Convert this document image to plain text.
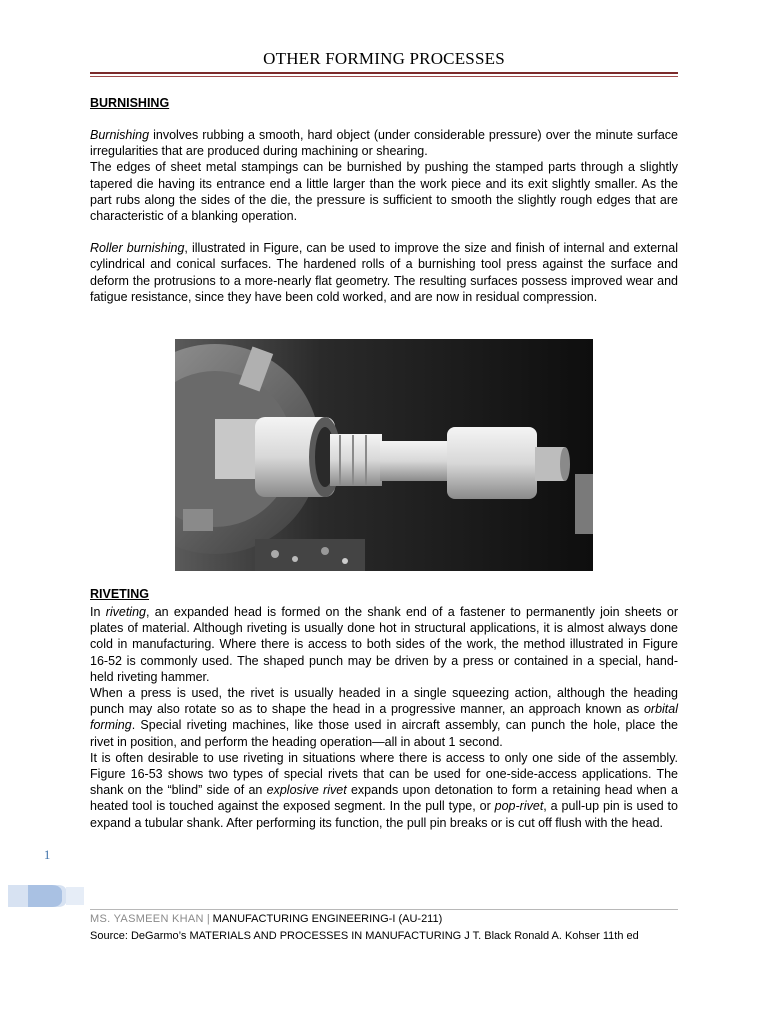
OTHER FORMING PROCESSES
BURNISHING

Burnishing involves rubbing a smooth, hard object (under considerable pressure) over the minute surface irregularities that are produced during machining or shearing.

The edges of sheet metal stampings can be burnished by pushing the stamped parts through a slightly tapered die having its entrance end a little larger than the work piece and its exit slightly smaller. As the part rubs along the sides of the die, the pressure is sufficient to smooth the slightly rough edges that are characteristic of a blanking operation.

Roller burnishing, illustrated in Figure, can be used to improve the size and finish of internal and external cylindrical and conical surfaces. The hardened rolls of a burnishing tool press against the surface and deform the protrusions to a more-nearly flat geometry. The resulting surfaces possess improved wear and fatigue resistance, since they have been cold worked, and are now in residual compression.

RIVETING

In riveting, an expanded head is formed on the shank end of a fastener to permanently join sheets or plates of material. Although riveting is usually done hot in structural applications, it is almost always done cold in manufacturing. Where there is access to both sides of the work, the method illustrated in Figure 16-52 is commonly used. The shaped punch may be driven by a press or contained in a special, hand-held riveting hammer.

When a press is used, the rivet is usually headed in a single squeezing action, although the heading punch may also rotate so as to shape the head in a progressive manner, an approach known as orbital forming. Special riveting machines, like those used in aircraft assembly, can punch the hole, place the rivet in position, and perform the heading operation—all in about 1 second.

It is often desirable to use riveting in situations where there is access to only one side of the assembly. Figure 16-53 shows two types of special rivets that can be used for one-side-access applications. The shank on the “blind” side of an explosive rivet expands upon detonation to form a retaining head when a heated tool is touched against the exposed segment. In the pull type, or pop-rivet, a pull-up pin is used to expand a tubular shank. After performing its function, the pull pin breaks or is cut off flush with the head.

1
MS. YASMEEN KHAN | MANUFACTURING ENGINEERING-I (AU-211)
Source: DeGarmo’s MATERIALS AND PROCESSES IN MANUFACTURING J T. Black Ronald A. Kohser 11th ed
